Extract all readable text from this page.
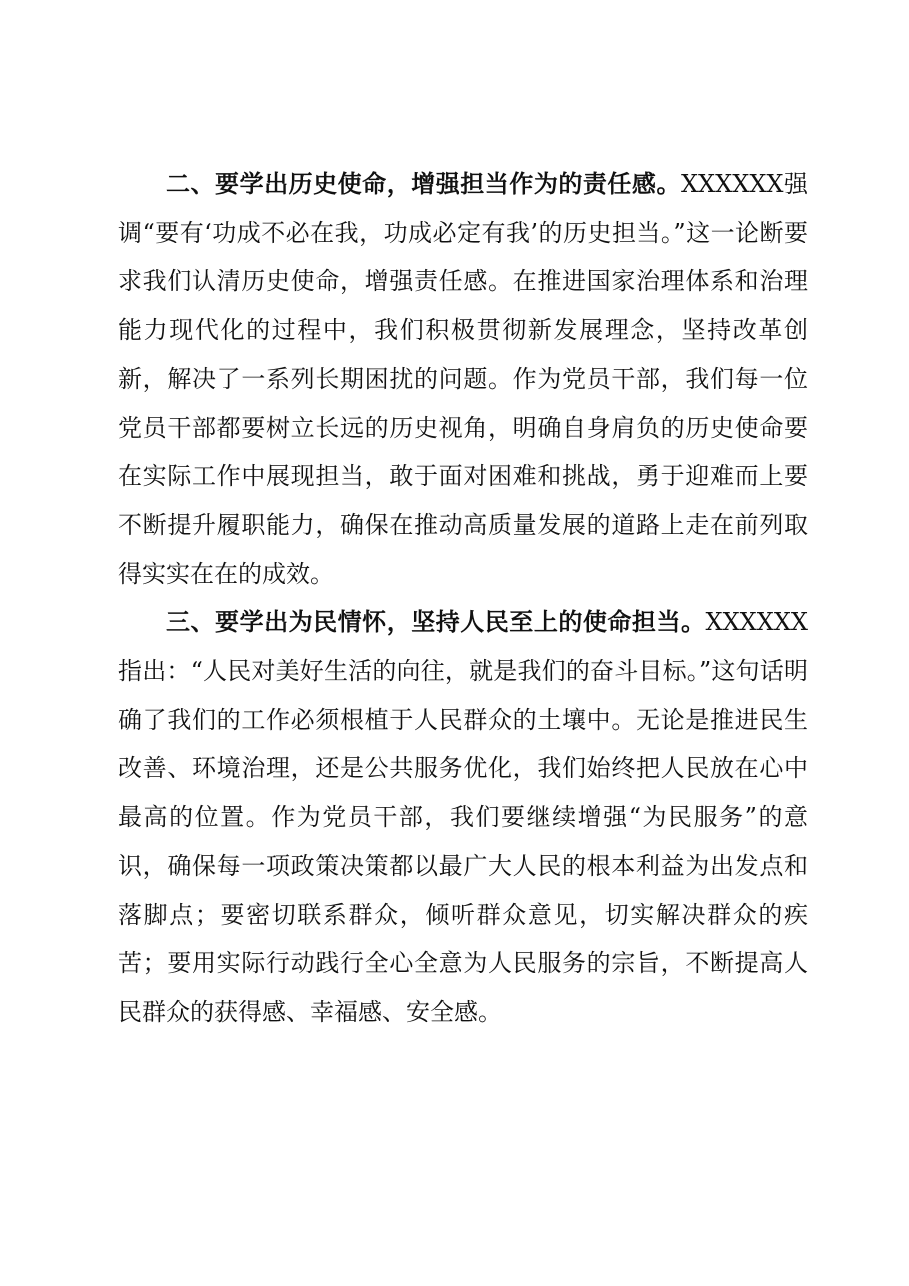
二、要学出历史使命，增强担当作为的责任感。XXXXXX强调“要有‘功成不必在我，功成必定有我’的历史担当。”这一论断要求我们认清历史使命，增强责任感。在推进国家治理体系和治理能力现代化的过程中，我们积极贯彻新发展理念，坚持改革创新，解决了一系列长期困扰的问题。作为党员干部，我们每一位党员干部都要树立长远的历史视角，明确自身肩负的历史使命要在实际工作中展现担当，敢于面对困难和挑战，勇于迎难而上要不断提升履职能力，确保在推动高质量发展的道路上走在前列取得实实在在的成效。

三、要学出为民情怀，坚持人民至上的使命担当。XXXXXX指出：“人民对美好生活的向往，就是我们的奋斗目标。”这句话明确了我们的工作必须根植于人民群众的土壤中。无论是推进民生改善、环境治理，还是公共服务优化，我们始终把人民放在心中最高的位置。作为党员干部，我们要继续增强“为民服务”的意识，确保每一项政策决策都以最广大人民的根本利益为出发点和落脚点；要密切联系群众，倾听群众意见，切实解决群众的疾苦；要用实际行动践行全心全意为人民服务的宗旨，不断提高人民群众的获得感、幸福感、安全感。
